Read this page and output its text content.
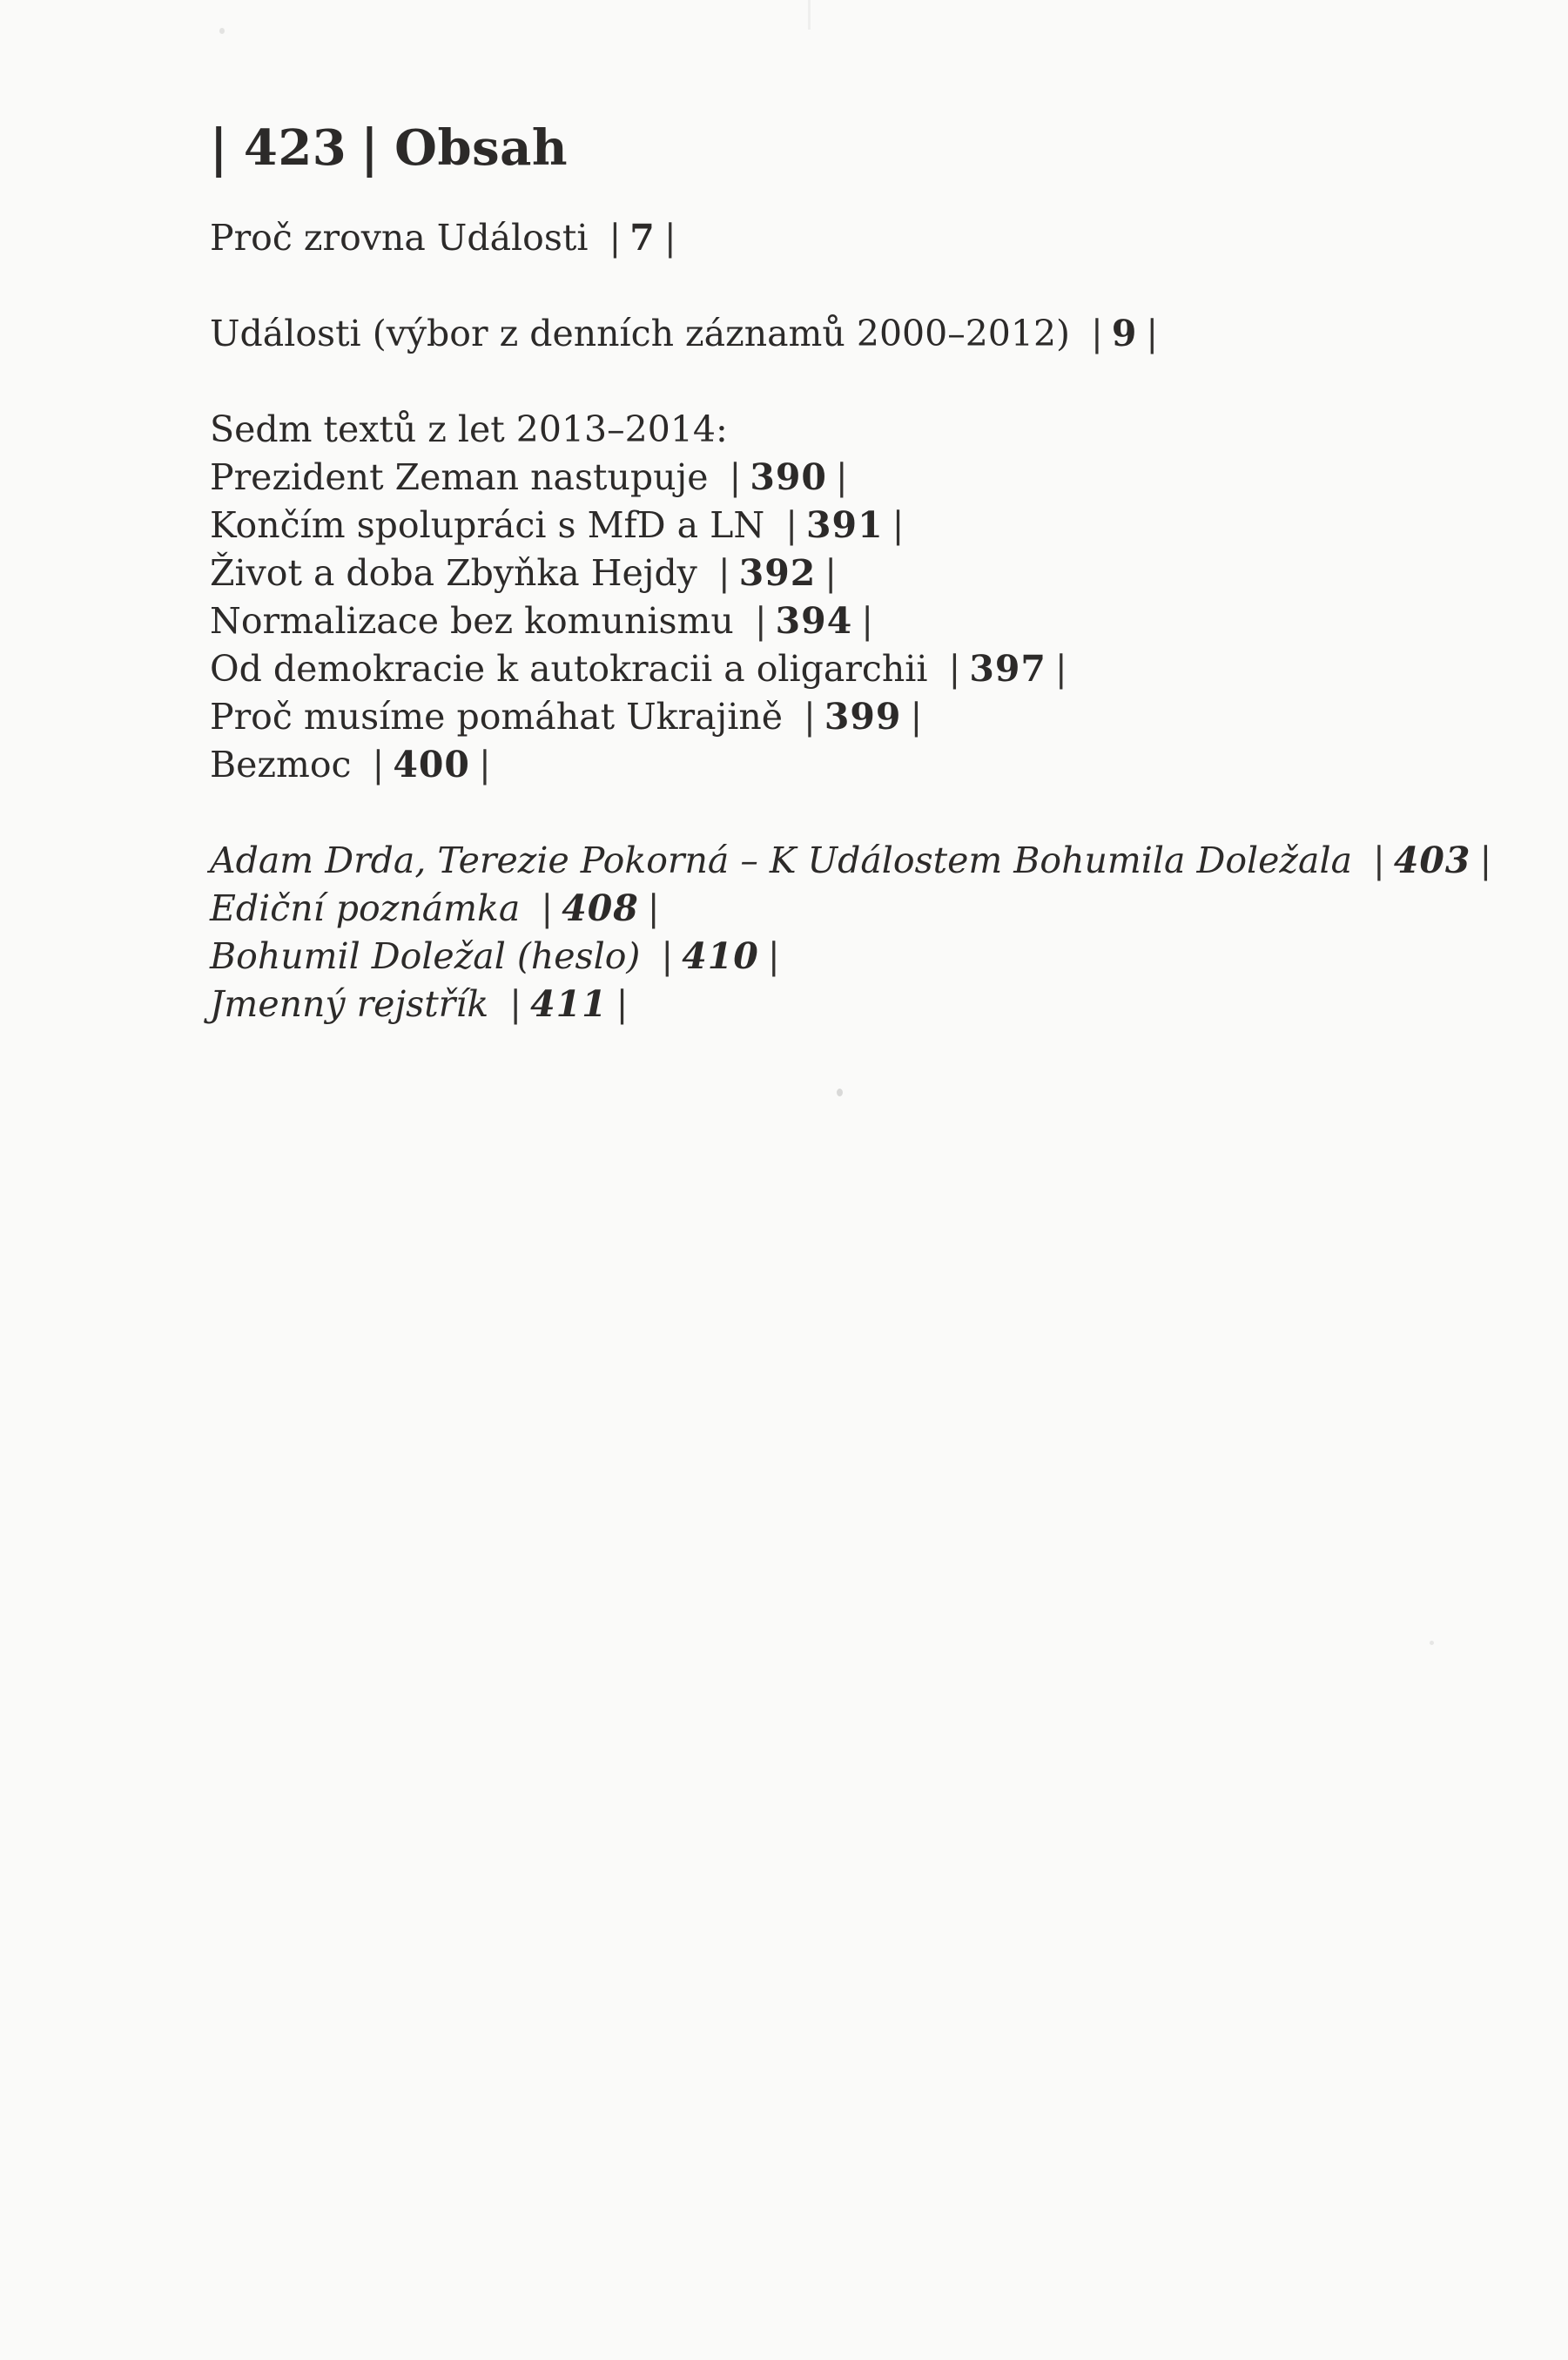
| 423 | Obsah
Proč zrovna Události | 7 |
Události (výbor z denních záznamů 2000–2012) | 9 |
Sedm textů z let 2013–2014:
Prezident Zeman nastupuje | 390 |
Končím spolupráci s MfD a LN | 391 |
Život a doba Zbyňka Hejdy | 392 |
Normalizace bez komunismu | 394 |
Od demokracie k autokracii a oligarchii | 397 |
Proč musíme pomáhat Ukrajině | 399 |
Bezmoc | 400 |
Adam Drda, Terezie Pokorná – K Událostem Bohumila Doležala | 403 |
Ediční poznámka | 408 |
Bohumil Doležal (heslo) | 410 |
Jmenný rejstřík | 411 |
